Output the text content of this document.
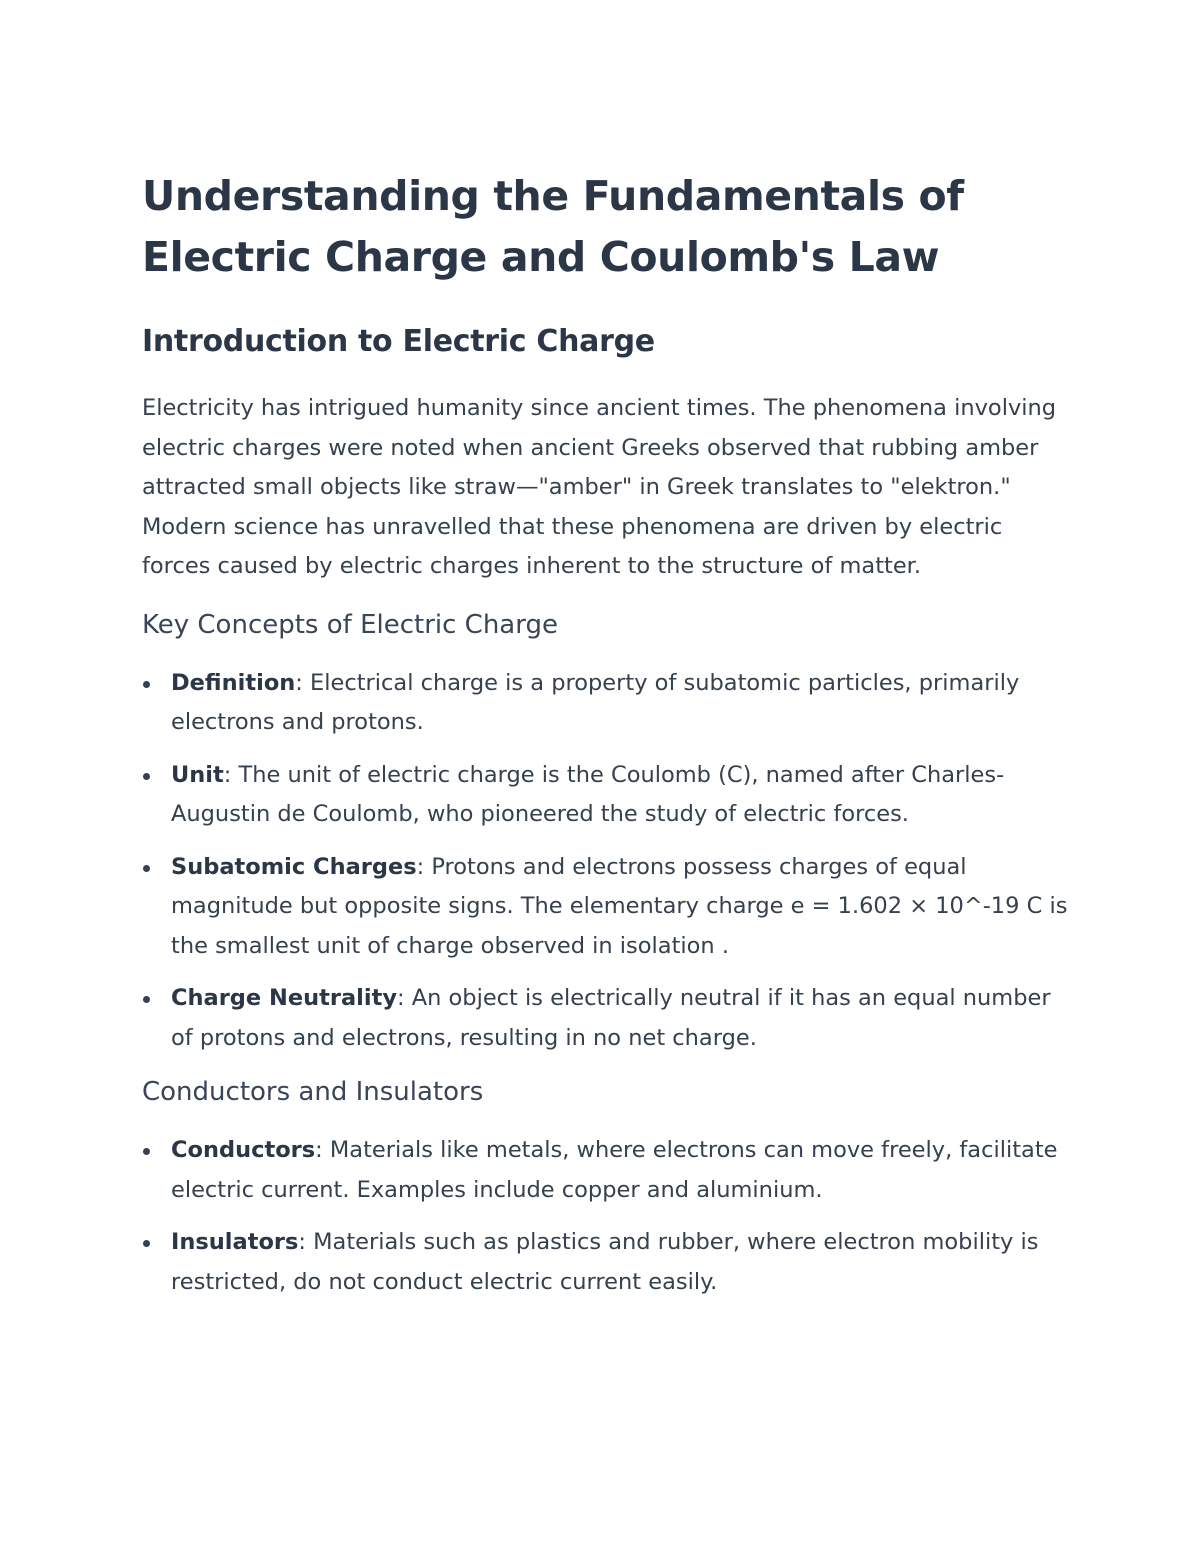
Understanding the Fundamentals of
Electric Charge and Coulomb's Law
Introduction to Electric Charge

Electricity has intrigued humanity since ancient times. The phenomena involving electric charges were noted when ancient Greeks observed that rubbing amber attracted small objects like straw—"amber" in Greek translates to "elektron." Modern science has unravelled that these phenomena are driven by electric forces caused by electric charges inherent to the structure of matter.

Key Concepts of Electric Charge
Definition: Electrical charge is a property of subatomic particles, primarily electrons and protons.
Unit: The unit of electric charge is the Coulomb (C), named after Charles-Augustin de Coulomb, who pioneered the study of electric forces.
Subatomic Charges: Protons and electrons possess charges of equal magnitude but opposite signs. The elementary charge e = 1.602 × 10^-19 C is the smallest unit of charge observed in isolation .
Charge Neutrality: An object is electrically neutral if it has an equal number of protons and electrons, resulting in no net charge.
Conductors and Insulators
Conductors: Materials like metals, where electrons can move freely, facilitate electric current. Examples include copper and aluminium.
Insulators: Materials such as plastics and rubber, where electron mobility is restricted, do not conduct electric current easily.
